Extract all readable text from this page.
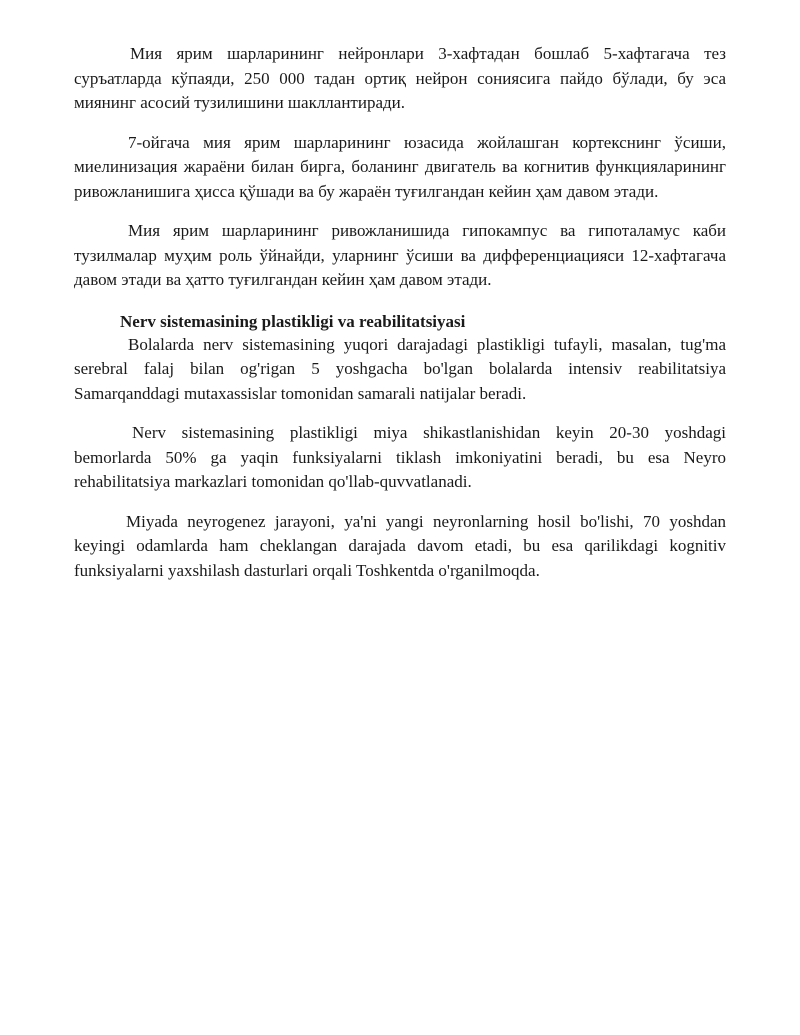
Мия ярим шарларининг нейронлари 3-хафтадан бошлаб 5-хафтагача тез суръатларда кўпаяди, 250 000 тадан ортиқ нейрон сониясига пайдо бўлади, бу эса миянинг асосий тузилишини шакллантиради.

7-ойгача мия ярим шарларининг юзасида жойлашган кортекснинг ўсиши, миелинизация жараёни билан бирга, боланинг двигатель ва когнитив функцияларининг ривожланишига ҳисса қўшади ва бу жараён туғилгандан кейин ҳам давом этади.

Мия ярим шарларининг ривожланишида гипокампус ва гипоталамус каби тузилмалар муҳим роль ўйнайди, уларнинг ўсиши ва дифференциацияси 12-хафтагача давом этади ва ҳатто туғилгандан кейин ҳам давом этади.

Nerv sistemasining plastikligi va reabilitatsiyasi

Bolalarda nerv sistemasining yuqori darajadagi plastikligi tufayli, masalan, tug'ma serebral falaj bilan og'rigan 5 yoshgacha bo'lgan bolalarda intensiv reabilitatsiya Samarqanddagi mutaxassislar tomonidan samarali natijalar beradi.

Nerv sistemasining plastikligi miya shikastlanishidan keyin 20-30 yoshdagi bemorlarda 50% ga yaqin funksiyalarni tiklash imkoniyatini beradi, bu esa Neyro rehabilitatsiya markazlari tomonidan qo'llab-quvvatlanadi.

Miyada neyrogenez jarayoni, ya'ni yangi neyronlarning hosil bo'lishi, 70 yoshdan keyingi odamlarda ham cheklangan darajada davom etadi, bu esa qarilikdagi kognitiv funksiyalarni yaxshilash dasturlari orqali Toshkentda o'rganilmoqda.
